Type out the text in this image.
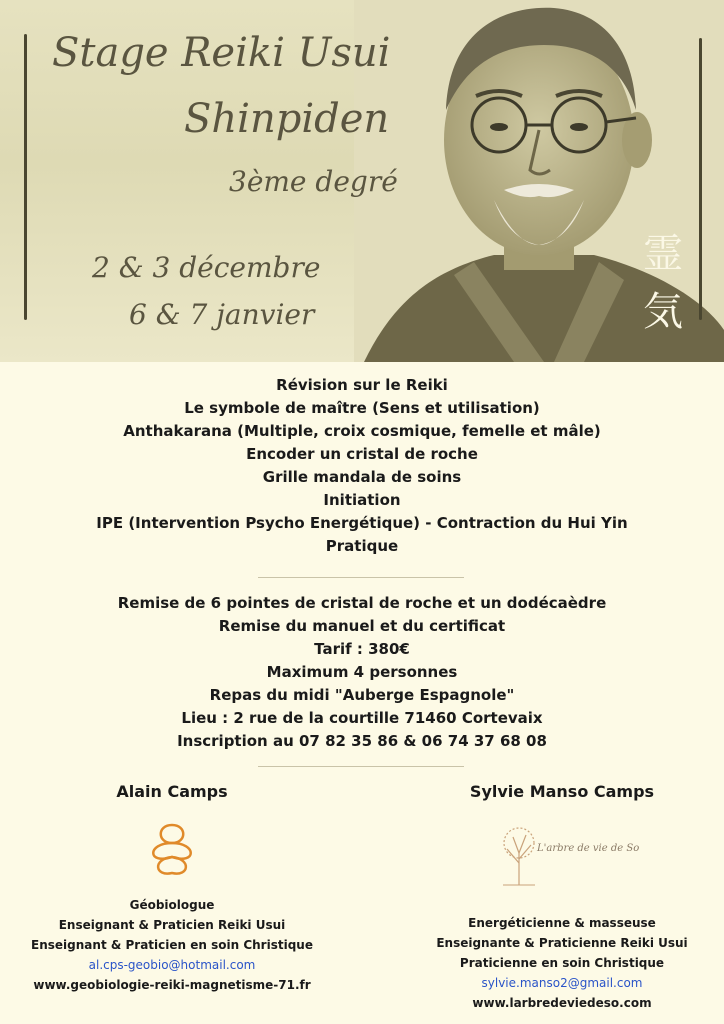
Stage Reiki Usui
Shinpiden
3ème degré
2 & 3 décembre
6 & 7 janvier
霊
気
Révision sur le Reiki
Le symbole de maître (Sens et utilisation)
Anthakarana (Multiple, croix cosmique, femelle et mâle)
Encoder un cristal de roche
Grille mandala de soins
Initiation
IPE (Intervention Psycho Energétique) - Contraction du Hui Yin
Pratique
Remise de 6 pointes de cristal de roche et un dodécaèdre
Remise du manuel et du certificat
Tarif : 380€
Maximum 4 personnes
Repas du midi "Auberge Espagnole"
Lieu : 2 rue de la courtille 71460 Cortevaix
Inscription au 07 82 35 86 & 06 74 37 68 08
Alain Camps
Géobiologue
Enseignant & Praticien Reiki Usui
Enseignant & Praticien en soin Christique
al.cps-geobio@hotmail.com
www.geobiologie-reiki-magnetisme-71.fr
Sylvie Manso Camps
L'arbre de vie de So
Energéticienne & masseuse
Enseignante & Praticienne Reiki Usui
Praticienne en soin Christique
sylvie.manso2@gmail.com
www.larbredeviedeso.com
